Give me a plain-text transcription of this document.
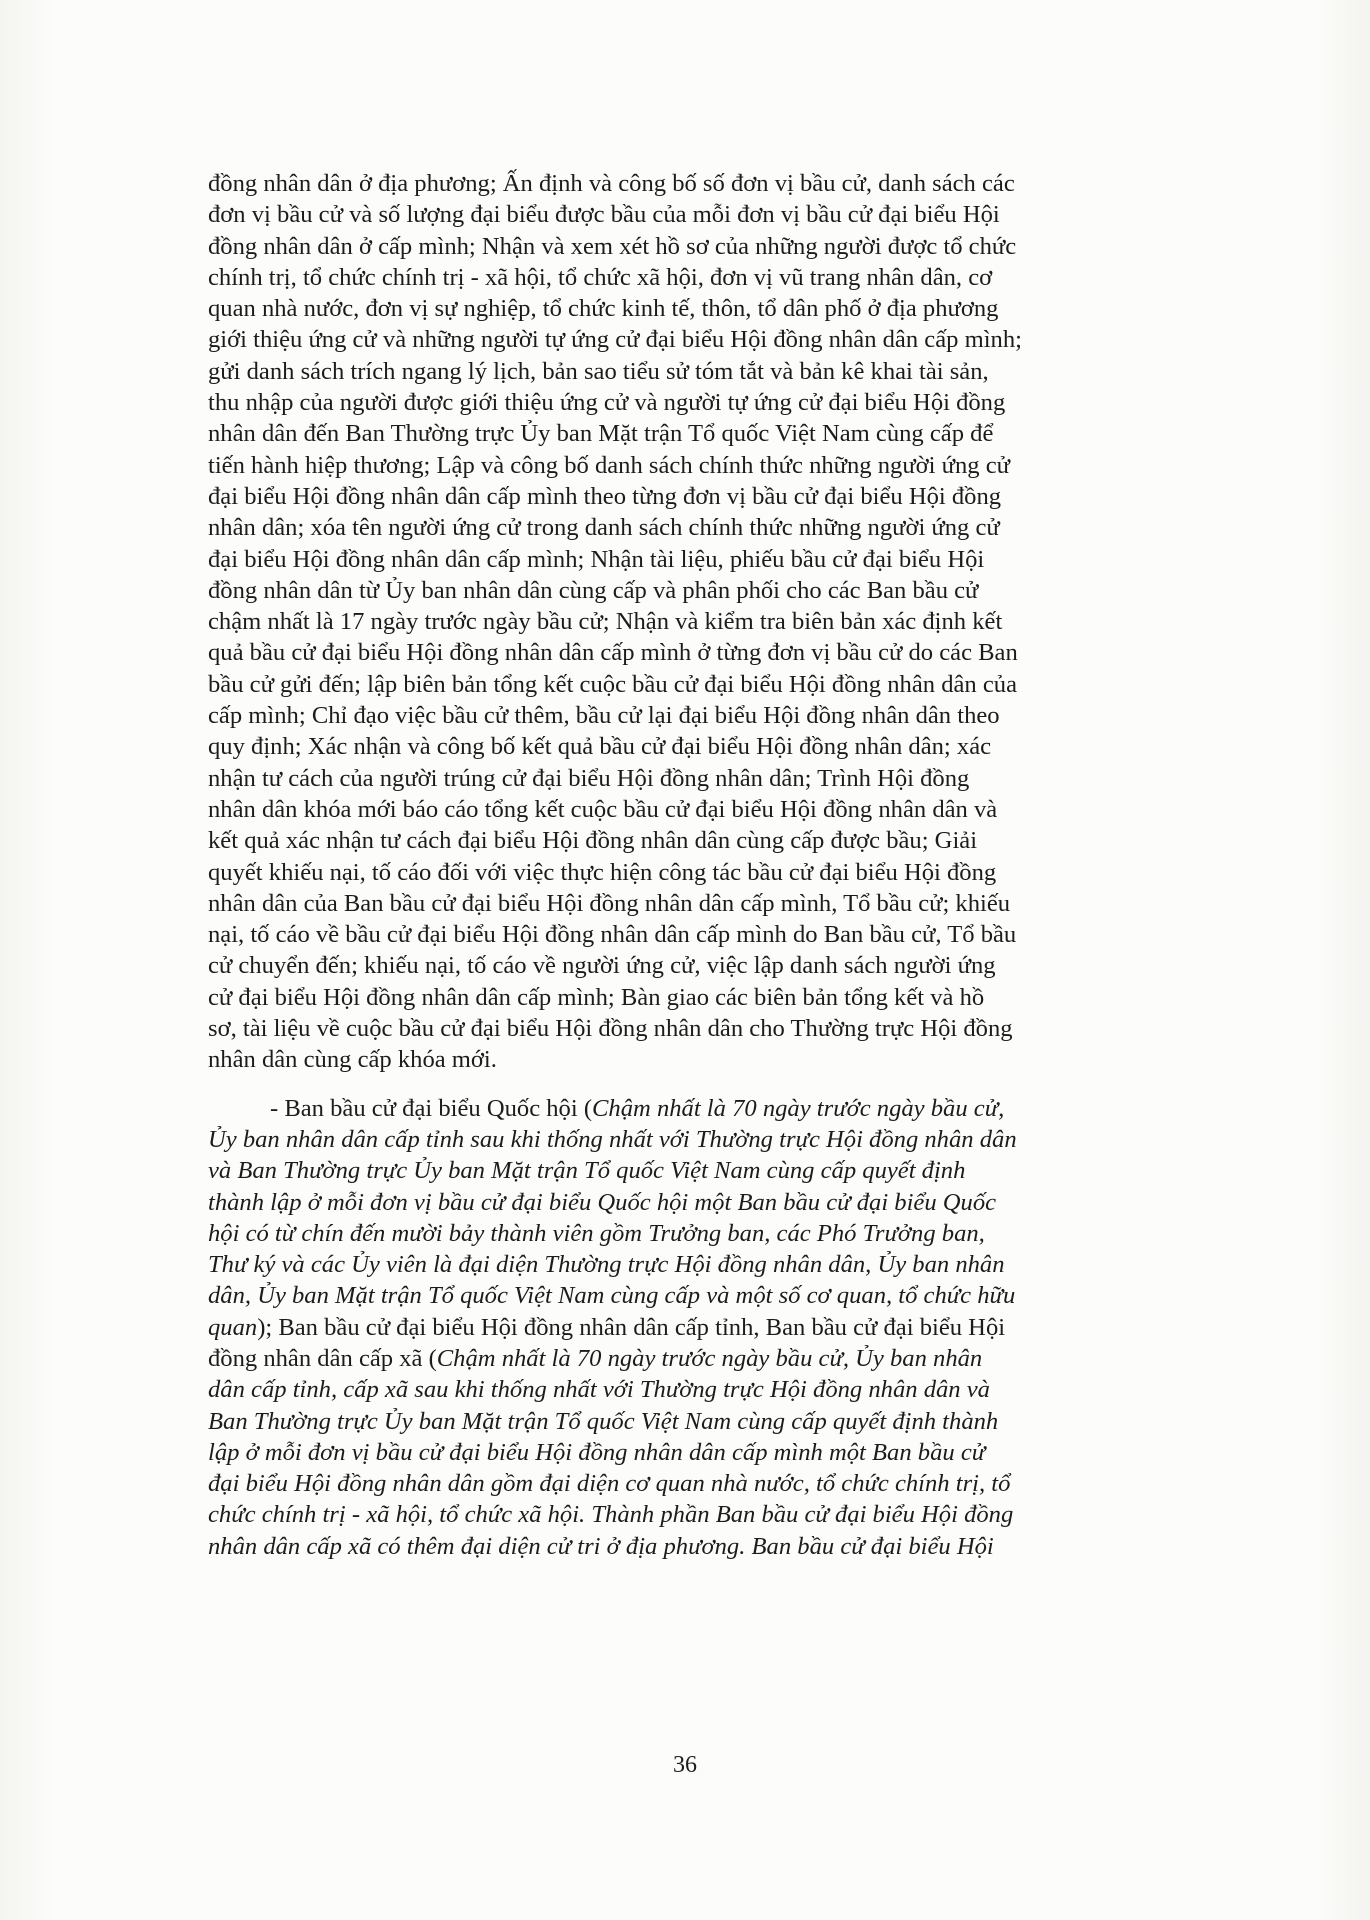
đồng nhân dân ở địa phương; Ấn định và công bố số đơn vị bầu cử, danh sách các
đơn vị bầu cử và số lượng đại biểu được bầu của mỗi đơn vị bầu cử đại biểu Hội
đồng nhân dân ở cấp mình; Nhận và xem xét hồ sơ của những người được tổ chức
chính trị, tổ chức chính trị - xã hội, tổ chức xã hội, đơn vị vũ trang nhân dân, cơ
quan nhà nước, đơn vị sự nghiệp, tổ chức kinh tế, thôn, tổ dân phố ở địa phương
giới thiệu ứng cử và những người tự ứng cử đại biểu Hội đồng nhân dân cấp mình;
gửi danh sách trích ngang lý lịch, bản sao tiểu sử tóm tắt và bản kê khai tài sản,
thu nhập của người được giới thiệu ứng cử và người tự ứng cử đại biểu Hội đồng
nhân dân đến Ban Thường trực Ủy ban Mặt trận Tổ quốc Việt Nam cùng cấp để
tiến hành hiệp thương; Lập và công bố danh sách chính thức những người ứng cử
đại biểu Hội đồng nhân dân cấp mình theo từng đơn vị bầu cử đại biểu Hội đồng
nhân dân; xóa tên người ứng cử trong danh sách chính thức những người ứng cử
đại biểu Hội đồng nhân dân cấp mình; Nhận tài liệu, phiếu bầu cử đại biểu Hội
đồng nhân dân từ Ủy ban nhân dân cùng cấp và phân phối cho các Ban bầu cử
chậm nhất là 17 ngày trước ngày bầu cử; Nhận và kiểm tra biên bản xác định kết
quả bầu cử đại biểu Hội đồng nhân dân cấp mình ở từng đơn vị bầu cử do các Ban
bầu cử gửi đến; lập biên bản tổng kết cuộc bầu cử đại biểu Hội đồng nhân dân của
cấp mình; Chỉ đạo việc bầu cử thêm, bầu cử lại đại biểu Hội đồng nhân dân theo
quy định; Xác nhận và công bố kết quả bầu cử đại biểu Hội đồng nhân dân; xác
nhận tư cách của người trúng cử đại biểu Hội đồng nhân dân; Trình Hội đồng
nhân dân khóa mới báo cáo tổng kết cuộc bầu cử đại biểu Hội đồng nhân dân và
kết quả xác nhận tư cách đại biểu Hội đồng nhân dân cùng cấp được bầu; Giải
quyết khiếu nại, tố cáo đối với việc thực hiện công tác bầu cử đại biểu Hội đồng
nhân dân của Ban bầu cử đại biểu Hội đồng nhân dân cấp mình, Tổ bầu cử; khiếu
nại, tố cáo về bầu cử đại biểu Hội đồng nhân dân cấp mình do Ban bầu cử, Tổ bầu
cử chuyển đến; khiếu nại, tố cáo về người ứng cử, việc lập danh sách người ứng
cử đại biểu Hội đồng nhân dân cấp mình; Bàn giao các biên bản tổng kết và hồ
sơ, tài liệu về cuộc bầu cử đại biểu Hội đồng nhân dân cho Thường trực Hội đồng
nhân dân cùng cấp khóa mới.
- Ban bầu cử đại biểu Quốc hội (Chậm nhất là 70 ngày trước ngày bầu cử,
Ủy ban nhân dân cấp tỉnh sau khi thống nhất với Thường trực Hội đồng nhân dân
và Ban Thường trực Ủy ban Mặt trận Tổ quốc Việt Nam cùng cấp quyết định
thành lập ở mỗi đơn vị bầu cử đại biểu Quốc hội một Ban bầu cử đại biểu Quốc
hội có từ chín đến mười bảy thành viên gồm Trưởng ban, các Phó Trưởng ban,
Thư ký và các Ủy viên là đại diện Thường trực Hội đồng nhân dân, Ủy ban nhân
dân, Ủy ban Mặt trận Tổ quốc Việt Nam cùng cấp và một số cơ quan, tổ chức hữu
quan); Ban bầu cử đại biểu Hội đồng nhân dân cấp tỉnh, Ban bầu cử đại biểu Hội
đồng nhân dân cấp xã (Chậm nhất là 70 ngày trước ngày bầu cử, Ủy ban nhân
dân cấp tỉnh, cấp xã sau khi thống nhất với Thường trực Hội đồng nhân dân và
Ban Thường trực Ủy ban Mặt trận Tổ quốc Việt Nam cùng cấp quyết định thành
lập ở mỗi đơn vị bầu cử đại biểu Hội đồng nhân dân cấp mình một Ban bầu cử
đại biểu Hội đồng nhân dân gồm đại diện cơ quan nhà nước, tổ chức chính trị, tổ
chức chính trị - xã hội, tổ chức xã hội. Thành phần Ban bầu cử đại biểu Hội đồng
nhân dân cấp xã có thêm đại diện cử tri ở địa phương. Ban bầu cử đại biểu Hội
36
